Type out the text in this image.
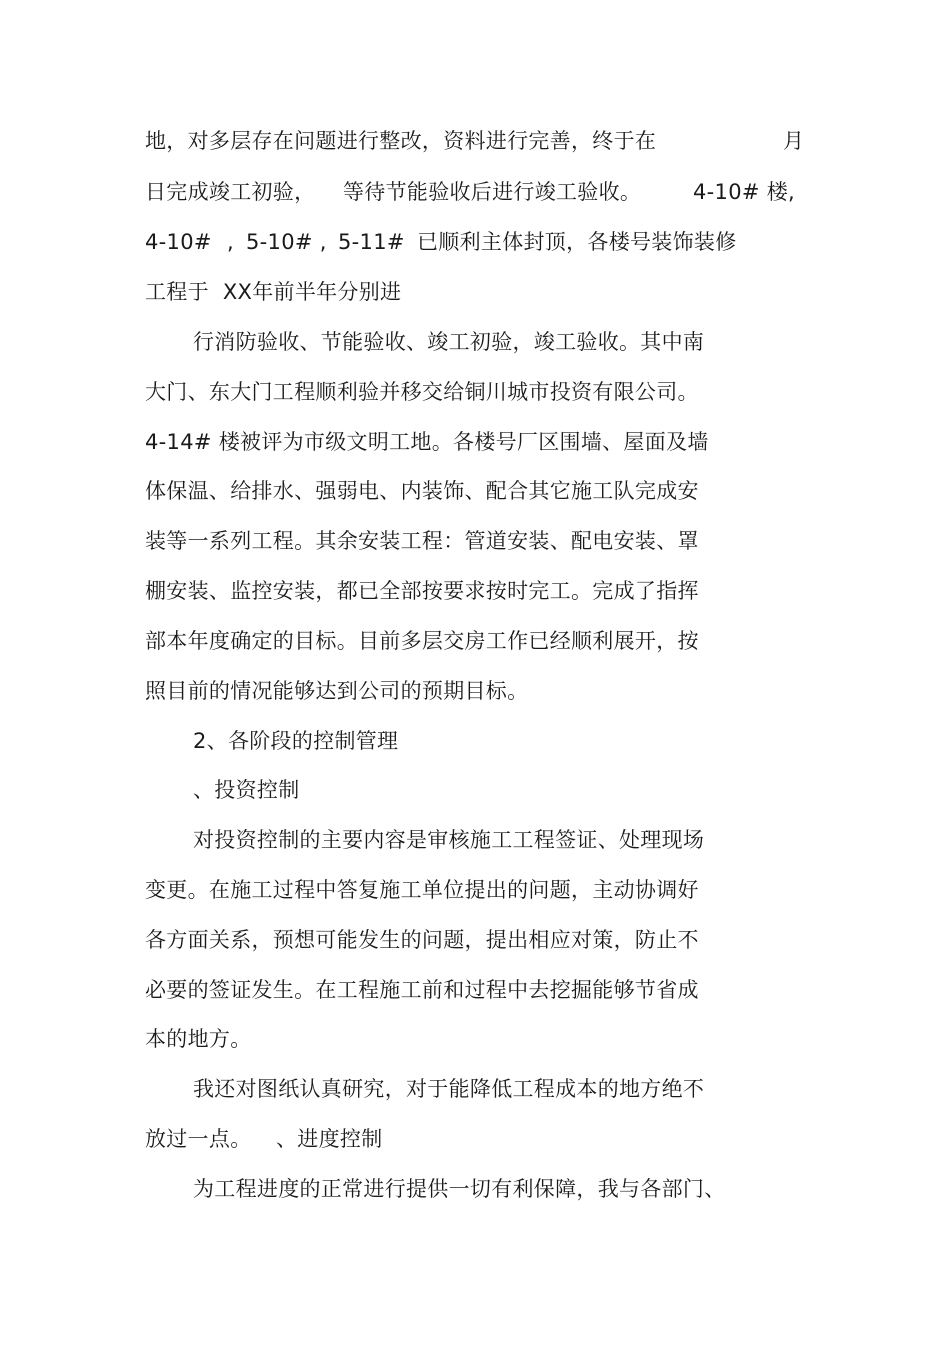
地，对多层存在问题进行整改，资料进行完善，终于在

	月

日完成竣工初验，

等待节能验收后进行竣工验收。

4-10# 楼,

4-10#

,

5-10# ,

5-11#

已顺利主体封顶，各楼号装饰装修

工程于  XX年前半年分别进

行消防验收、节能验收、竣工初验，竣工验收。其中南

大门、东大门工程顺利验并移交给铜川城市投资有限公司。

4-14# 楼被评为市级文明工地。各楼号厂区围墙、屋面及墙

体保温、给排水、强弱电、内装饰、配合其它施工队完成安

装等一系列工程。其余安装工程：管道安装、配电安装、罩

棚安装、监控安装，都已全部按要求按时完工。完成了指挥

部本年度确定的目标。目前多层交房工作已经顺利展开，按

照目前的情况能够达到公司的预期目标。

2、各阶段的控制管理

、投资控制

对投资控制的主要内容是审核施工工程签证、处理现场

变更。在施工过程中答复施工单位提出的问题，主动协调好

各方面关系，预想可能发生的问题，提出相应对策，防止不

必要的签证发生。在工程施工前和过程中去挖掘能够节省成

本的地方。

我还对图纸认真研究，对于能降低工程成本的地方绝不

放过一点。

、进度控制

为工程进度的正常进行提供一切有利保障，我与各部门、
